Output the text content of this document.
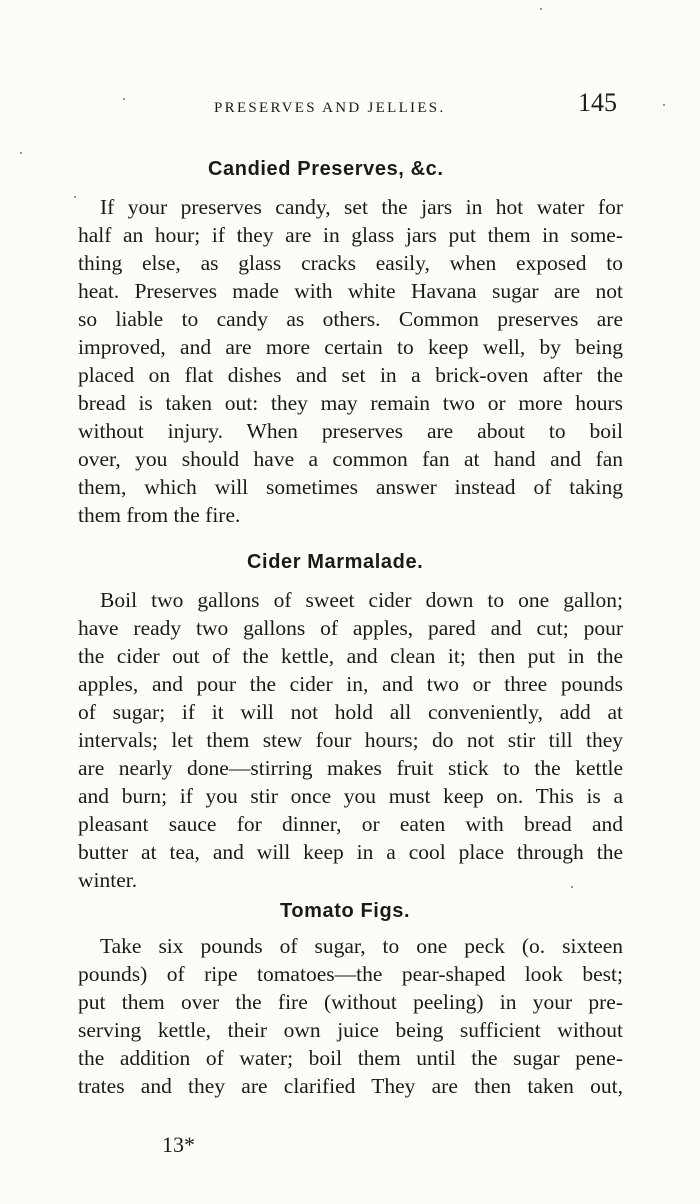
PRESERVES AND JELLIES.	145
Candied Preserves, &c.
If your preserves candy, set the jars in hot water for
half an hour; if they are in glass jars put them in some-
thing else, as glass cracks easily, when exposed to
heat. Preserves made with white Havana sugar are not
so liable to candy as others. Common preserves are
improved, and are more certain to keep well, by being
placed on flat dishes and set in a brick-oven after the
bread is taken out: they may remain two or more hours
without injury. When preserves are about to boil
over, you should have a common fan at hand and fan
them, which will sometimes answer instead of taking
them from the fire.
Cider Marmalade.
Boil two gallons of sweet cider down to one gallon;
have ready two gallons of apples, pared and cut; pour
the cider out of the kettle, and clean it; then put in the
apples, and pour the cider in, and two or three pounds
of sugar; if it will not hold all conveniently, add at
intervals; let them stew four hours; do not stir till they
are nearly done—stirring makes fruit stick to the kettle
and burn; if you stir once you must keep on. This is a
pleasant sauce for dinner, or eaten with bread and
butter at tea, and will keep in a cool place through the
winter.
Tomato Figs.
Take six pounds of sugar, to one peck (o. sixteen
pounds) of ripe tomatoes—the pear-shaped look best;
put them over the fire (without peeling) in your pre-
serving kettle, their own juice being sufficient without
the addition of water; boil them until the sugar pene-
trates and they are clarified They are then taken out,
13*
